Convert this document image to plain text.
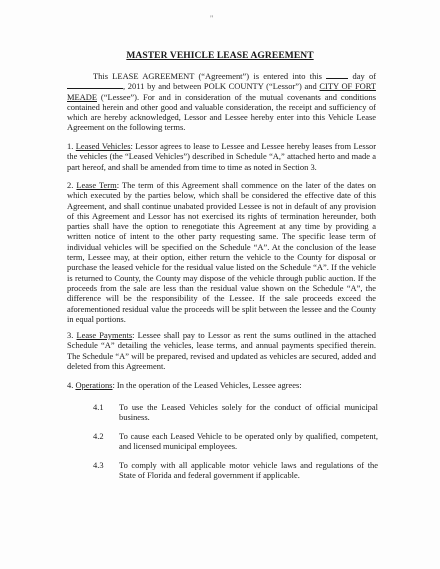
"
MASTER VEHICLE LEASE AGREEMENT

This LEASE AGREEMENT (“Agreement”) is entered into this	day of , 2011 by and between POLK COUNTY (“Lessor”) and CITY OF FORT MEADE (“Lessee”). For and in consideration of the mutual covenants and conditions contained herein and other good and valuable consideration, the receipt and sufficiency of which are hereby acknowledged, Lessor and Lessee hereby enter into this Vehicle Lease Agreement on the following terms.

1. Leased Vehicles: Lessor agrees to lease to Lessee and Lessee hereby leases from Lessor the vehicles (the “Leased Vehicles”) described in Schedule “A,” attached herto and made a part hereof, and shall be amended from time to time as noted in Section 3.

2. Lease Term: The term of this Agreement shall commence on the later of the dates on which executed by the parties below, which shall be considered the effective date of this Agreement, and shall continue unabated provided Lessee is not in default of any provision of this Agreement and Lessor has not exercised its rights of termination hereunder, both parties shall have the option to renegotiate this Agreement at any time by providing a written notice of intent to the other party requesting same. The specific lease term of individual vehicles will be specified on the Schedule “A”. At the conclusion of the lease term, Lessee may, at their option, either return the vehicle to the County for disposal or purchase the leased vehicle for the residual value listed on the Schedule “A”. If the vehicle is returned to County, the County may dispose of the vehicle through public auction. If the proceeds from the sale are less than the residual value shown on the Schedule “A”, the difference will be the responsibility of the Lessee. If the sale proceeds exceed the aforementioned residual value the proceeds will be split between the lessee and the County in equal portions.

3. Lease Payments: Lessee shall pay to Lessor as rent the sums outlined in the attached Schedule “A” detailing the vehicles, lease terms, and annual payments specified therein. The Schedule “A” will be prepared, revised and updated as vehicles are secured, added and deleted from this Agreement.

4. Operations: In the operation of the Leased Vehicles, Lessee agrees:

4.1	To use the Leased Vehicles solely for the conduct of official municipal business.
4.2	To cause each Leased Vehicle to be operated only by qualified, competent, and licensed municipal employees.
4.3	To comply with all applicable motor vehicle laws and regulations of the State of Florida and federal government if applicable.
